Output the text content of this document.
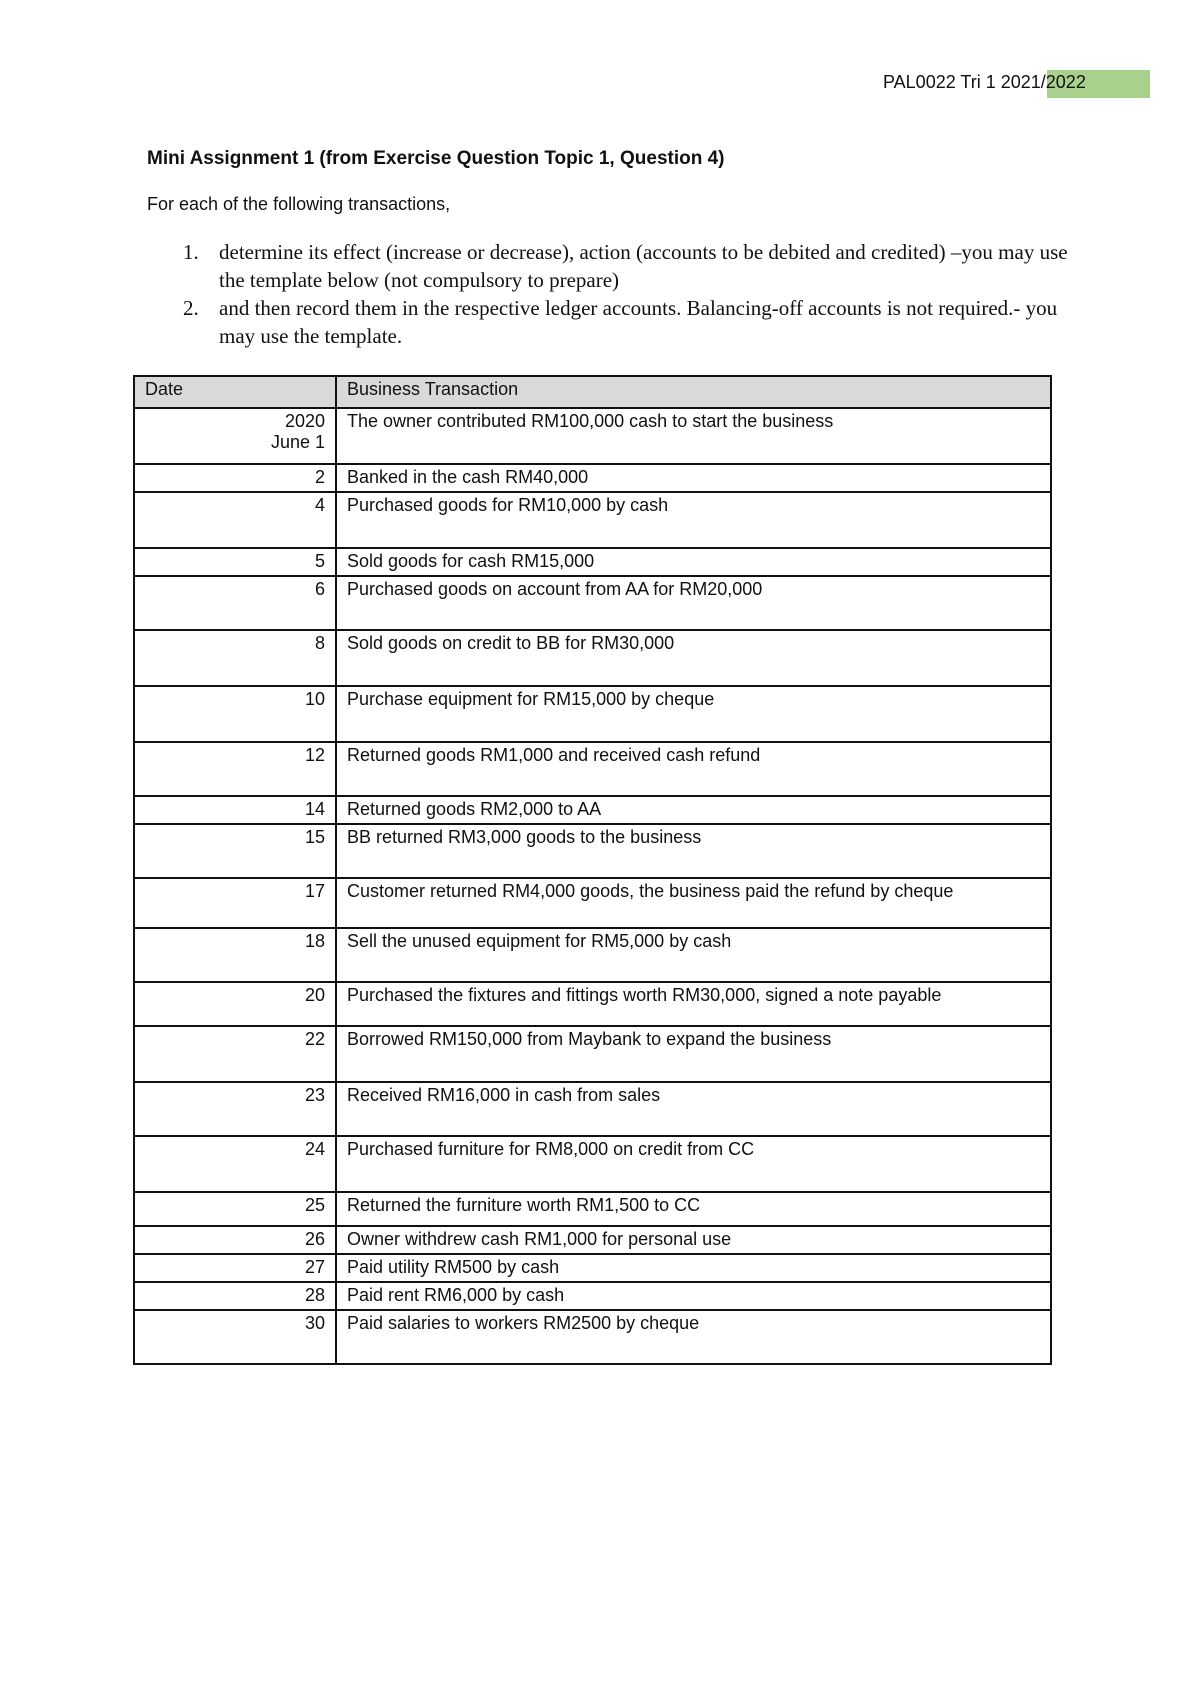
PAL0022 Tri 1 2021/2022
Mini Assignment 1 (from Exercise Question Topic 1, Question 4)
For each of the following transactions,
1. determine its effect (increase or decrease), action (accounts to be debited and credited) –you may use the template below (not compulsory to prepare)
2. and then record them in the respective ledger accounts. Balancing-off accounts is not required.- you may use the template.
Date	Business Transaction

2020
June 1	The owner contributed RM100,000 cash to start the business
2	Banked in the cash RM40,000
4	Purchased goods for RM10,000 by cash
5	Sold goods for cash RM15,000
6	Purchased goods on account from AA for RM20,000
8	Sold goods on credit to BB for RM30,000
10	Purchase equipment for RM15,000 by cheque
12	Returned goods RM1,000 and received cash refund
14	Returned goods RM2,000 to AA
15	BB returned RM3,000 goods to the business
17	Customer returned RM4,000 goods, the business paid the refund by cheque
18	Sell the unused equipment for RM5,000 by cash
20	Purchased the fixtures and fittings worth RM30,000, signed a note payable
22	Borrowed RM150,000 from Maybank to expand the business
23	Received RM16,000 in cash from sales
24	Purchased furniture for RM8,000 on credit from CC
25	Returned the furniture worth RM1,500 to CC
26	Owner withdrew cash RM1,000 for personal use
27	Paid utility RM500 by cash
28	Paid rent RM6,000 by cash
30	Paid salaries to workers RM2500 by cheque
